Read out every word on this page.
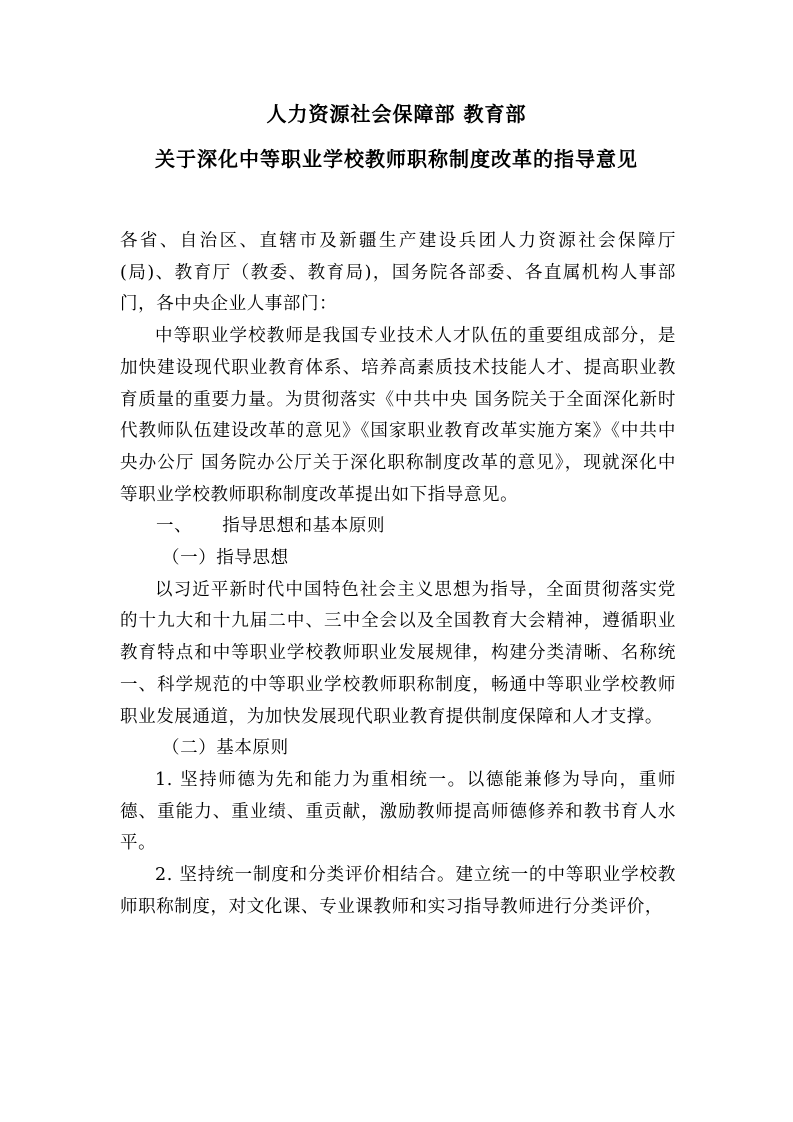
人力资源社会保障部 教育部
关于深化中等职业学校教师职称制度改革的指导意见

各省、自治区、直辖市及新疆生产建设兵团人力资源社会保障厅(局)、教育厅（教委、教育局)，国务院各部委、各直属机构人事部门，各中央企业人事部门：

中等职业学校教师是我国专业技术人才队伍的重要组成部分，是加快建设现代职业教育体系、培养高素质技术技能人才、提高职业教育质量的重要力量。为贯彻落实《中共中央 国务院关于全面深化新时代教师队伍建设改革的意见》《国家职业教育改革实施方案》《中共中央办公厅 国务院办公厅关于深化职称制度改革的意见》，现就深化中等职业学校教师职称制度改革提出如下指导意见。

一、 指导思想和基本原则

（一）指导思想

以习近平新时代中国特色社会主义思想为指导，全面贯彻落实党的十九大和十九届二中、三中全会以及全国教育大会精神，遵循职业教育特点和中等职业学校教师职业发展规律，构建分类清晰、名称统一、科学规范的中等职业学校教师职称制度，畅通中等职业学校教师职业发展通道，为加快发展现代职业教育提供制度保障和人才支撑。

（二）基本原则

1. 坚持师德为先和能力为重相统一。以德能兼修为导向，重师德、重能力、重业绩、重贡献，激励教师提高师德修养和教书育人水平。

2. 坚持统一制度和分类评价相结合。建立统一的中等职业学校教师职称制度，对文化课、专业课教师和实习指导教师进行分类评价，
